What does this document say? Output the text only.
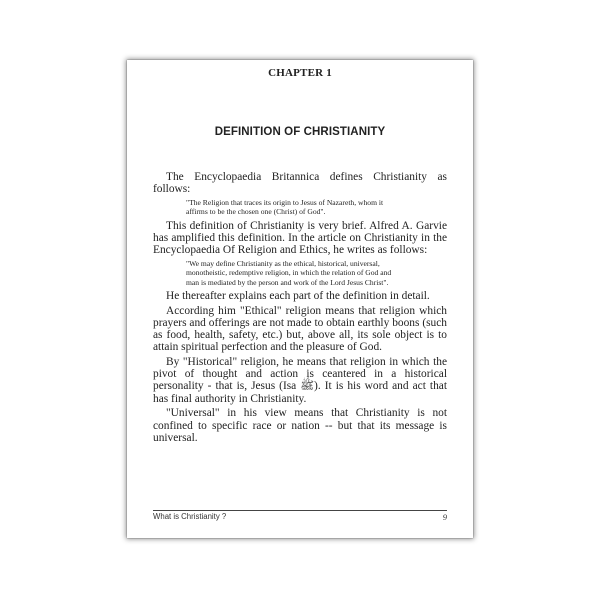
CHAPTER 1
DEFINITION OF CHRISTIANITY

The Encyclopaedia Britannica defines Christianity as follows:

"The Religion that traces its origin to Jesus of Nazareth, whom it affirms to be the chosen one (Christ) of God".

This definition of Christianity is very brief. Alfred A. Garvie has amplified this definition. In the article on Christianity in the Encyclopaedia Of Religion and Ethics, he writes as follows:

"We may define Christianity as the ethical, historical, universal, monotheistic, redemptive religion, in which the relation of God and man is mediated by the person and work of the Lord Jesus Christ".

He thereafter explains each part of the definition in detail.

According him "Ethical" religion means that religion which prayers and offerings are not made to obtain earthly boons (such as food, health, safety, etc.) but, above all, its sole object is to attain spiritual perfection and the pleasure of God.

By "Historical" religion, he means that religion in which the pivot of thought and action is ceantered in a historical personality - that is, Jesus (Isa ﷺ). It is his word and act that has final authority in Christianity.

"Universal" in his view means that Christianity is not confined to specific race or nation -- but that its message is universal.

What is Christianity ?	9
